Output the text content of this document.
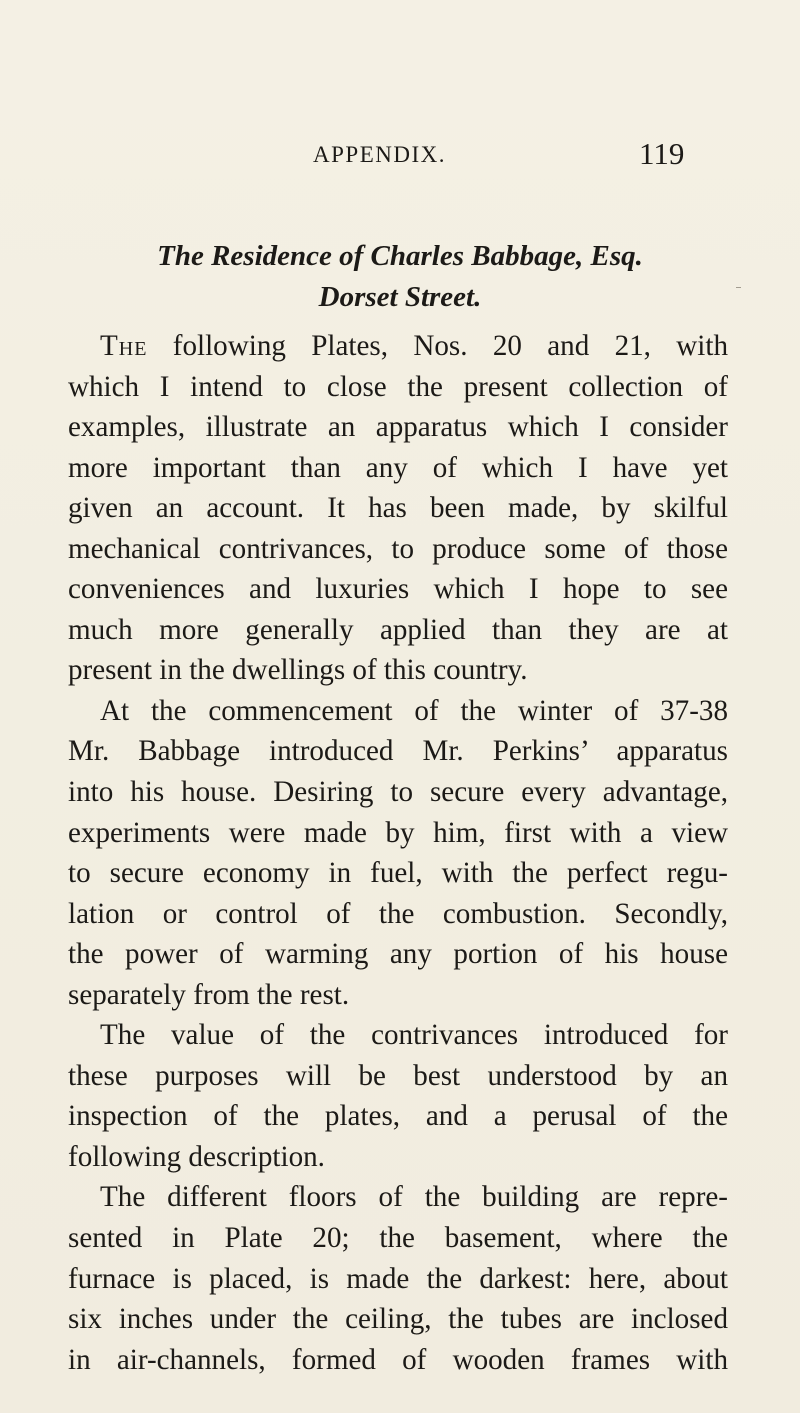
APPENDIX.	119
The Residence of Charles Babbage, Esq.
Dorset Street.
The following Plates, Nos. 20 and 21, with
which I intend to close the present collection of
examples, illustrate an apparatus which I consider
more important than any of which I have yet
given an account. It has been made, by skilful
mechanical contrivances, to produce some of those
conveniences and luxuries which I hope to see
much more generally applied than they are at
present in the dwellings of this country.
At the commencement of the winter of 37-38
Mr. Babbage introduced Mr. Perkins’ apparatus
into his house. Desiring to secure every advantage,
experiments were made by him, first with a view
to secure economy in fuel, with the perfect regu-
lation or control of the combustion. Secondly,
the power of warming any portion of his house
separately from the rest.
The value of the contrivances introduced for
these purposes will be best understood by an
inspection of the plates, and a perusal of the
following description.
The different floors of the building are repre-
sented in Plate 20; the basement, where the
furnace is placed, is made the darkest: here, about
six inches under the ceiling, the tubes are inclosed
in air-channels, formed of wooden frames with
